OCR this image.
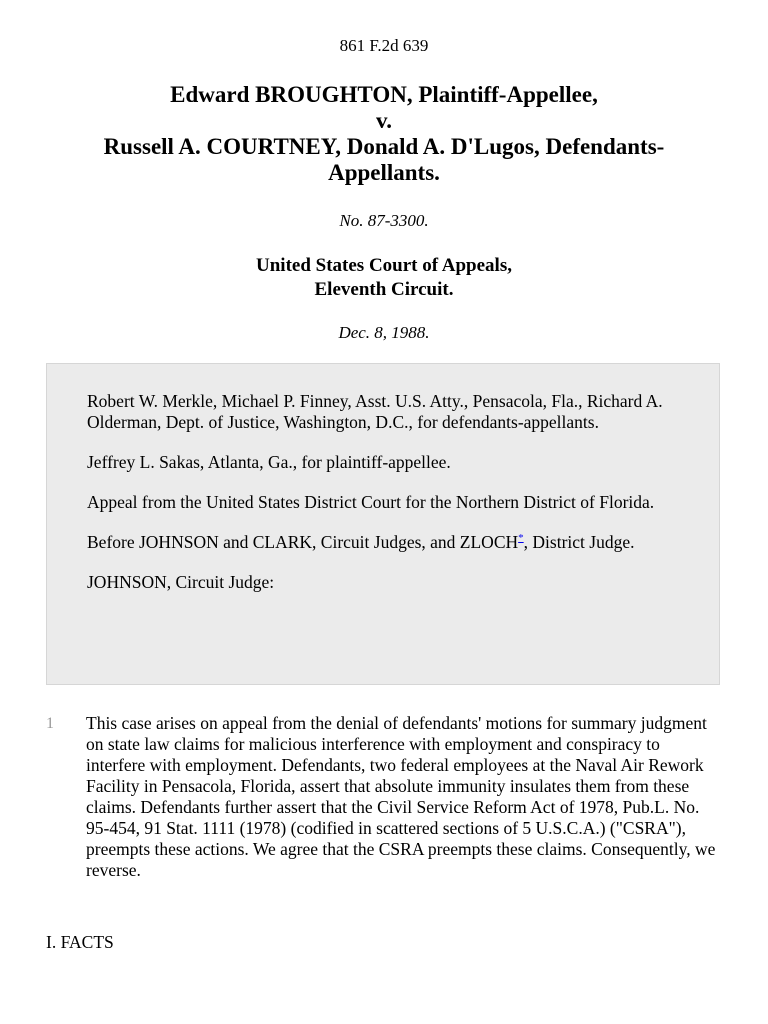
861 F.2d 639
Edward BROUGHTON, Plaintiff-Appellee,
v.
Russell A. COURTNEY, Donald A. D'Lugos, Defendants-
Appellants.
No. 87-3300.
United States Court of Appeals,
Eleventh Circuit.
Dec. 8, 1988.

Robert W. Merkle, Michael P. Finney, Asst. U.S. Atty., Pensacola, Fla., Richard A. Olderman, Dept. of Justice, Washington, D.C., for defendants-appellants.

Jeffrey L. Sakas, Atlanta, Ga., for plaintiff-appellee.

Appeal from the United States District Court for the Northern District of Florida.

Before JOHNSON and CLARK, Circuit Judges, and ZLOCH*, District Judge.

JOHNSON, Circuit Judge:

1	This case arises on appeal from the denial of defendants' motions for summary judgment on state law claims for malicious interference with employment and conspiracy to interfere with employment. Defendants, two federal employees at the Naval Air Rework Facility in Pensacola, Florida, assert that absolute immunity insulates them from these claims. Defendants further assert that the Civil Service Reform Act of 1978, Pub.L. No. 95-454, 91 Stat. 1111 (1978) (codified in scattered sections of 5 U.S.C.A.) ("CSRA"), preempts these actions. We agree that the CSRA preempts these claims. Consequently, we reverse.
I. FACTS
